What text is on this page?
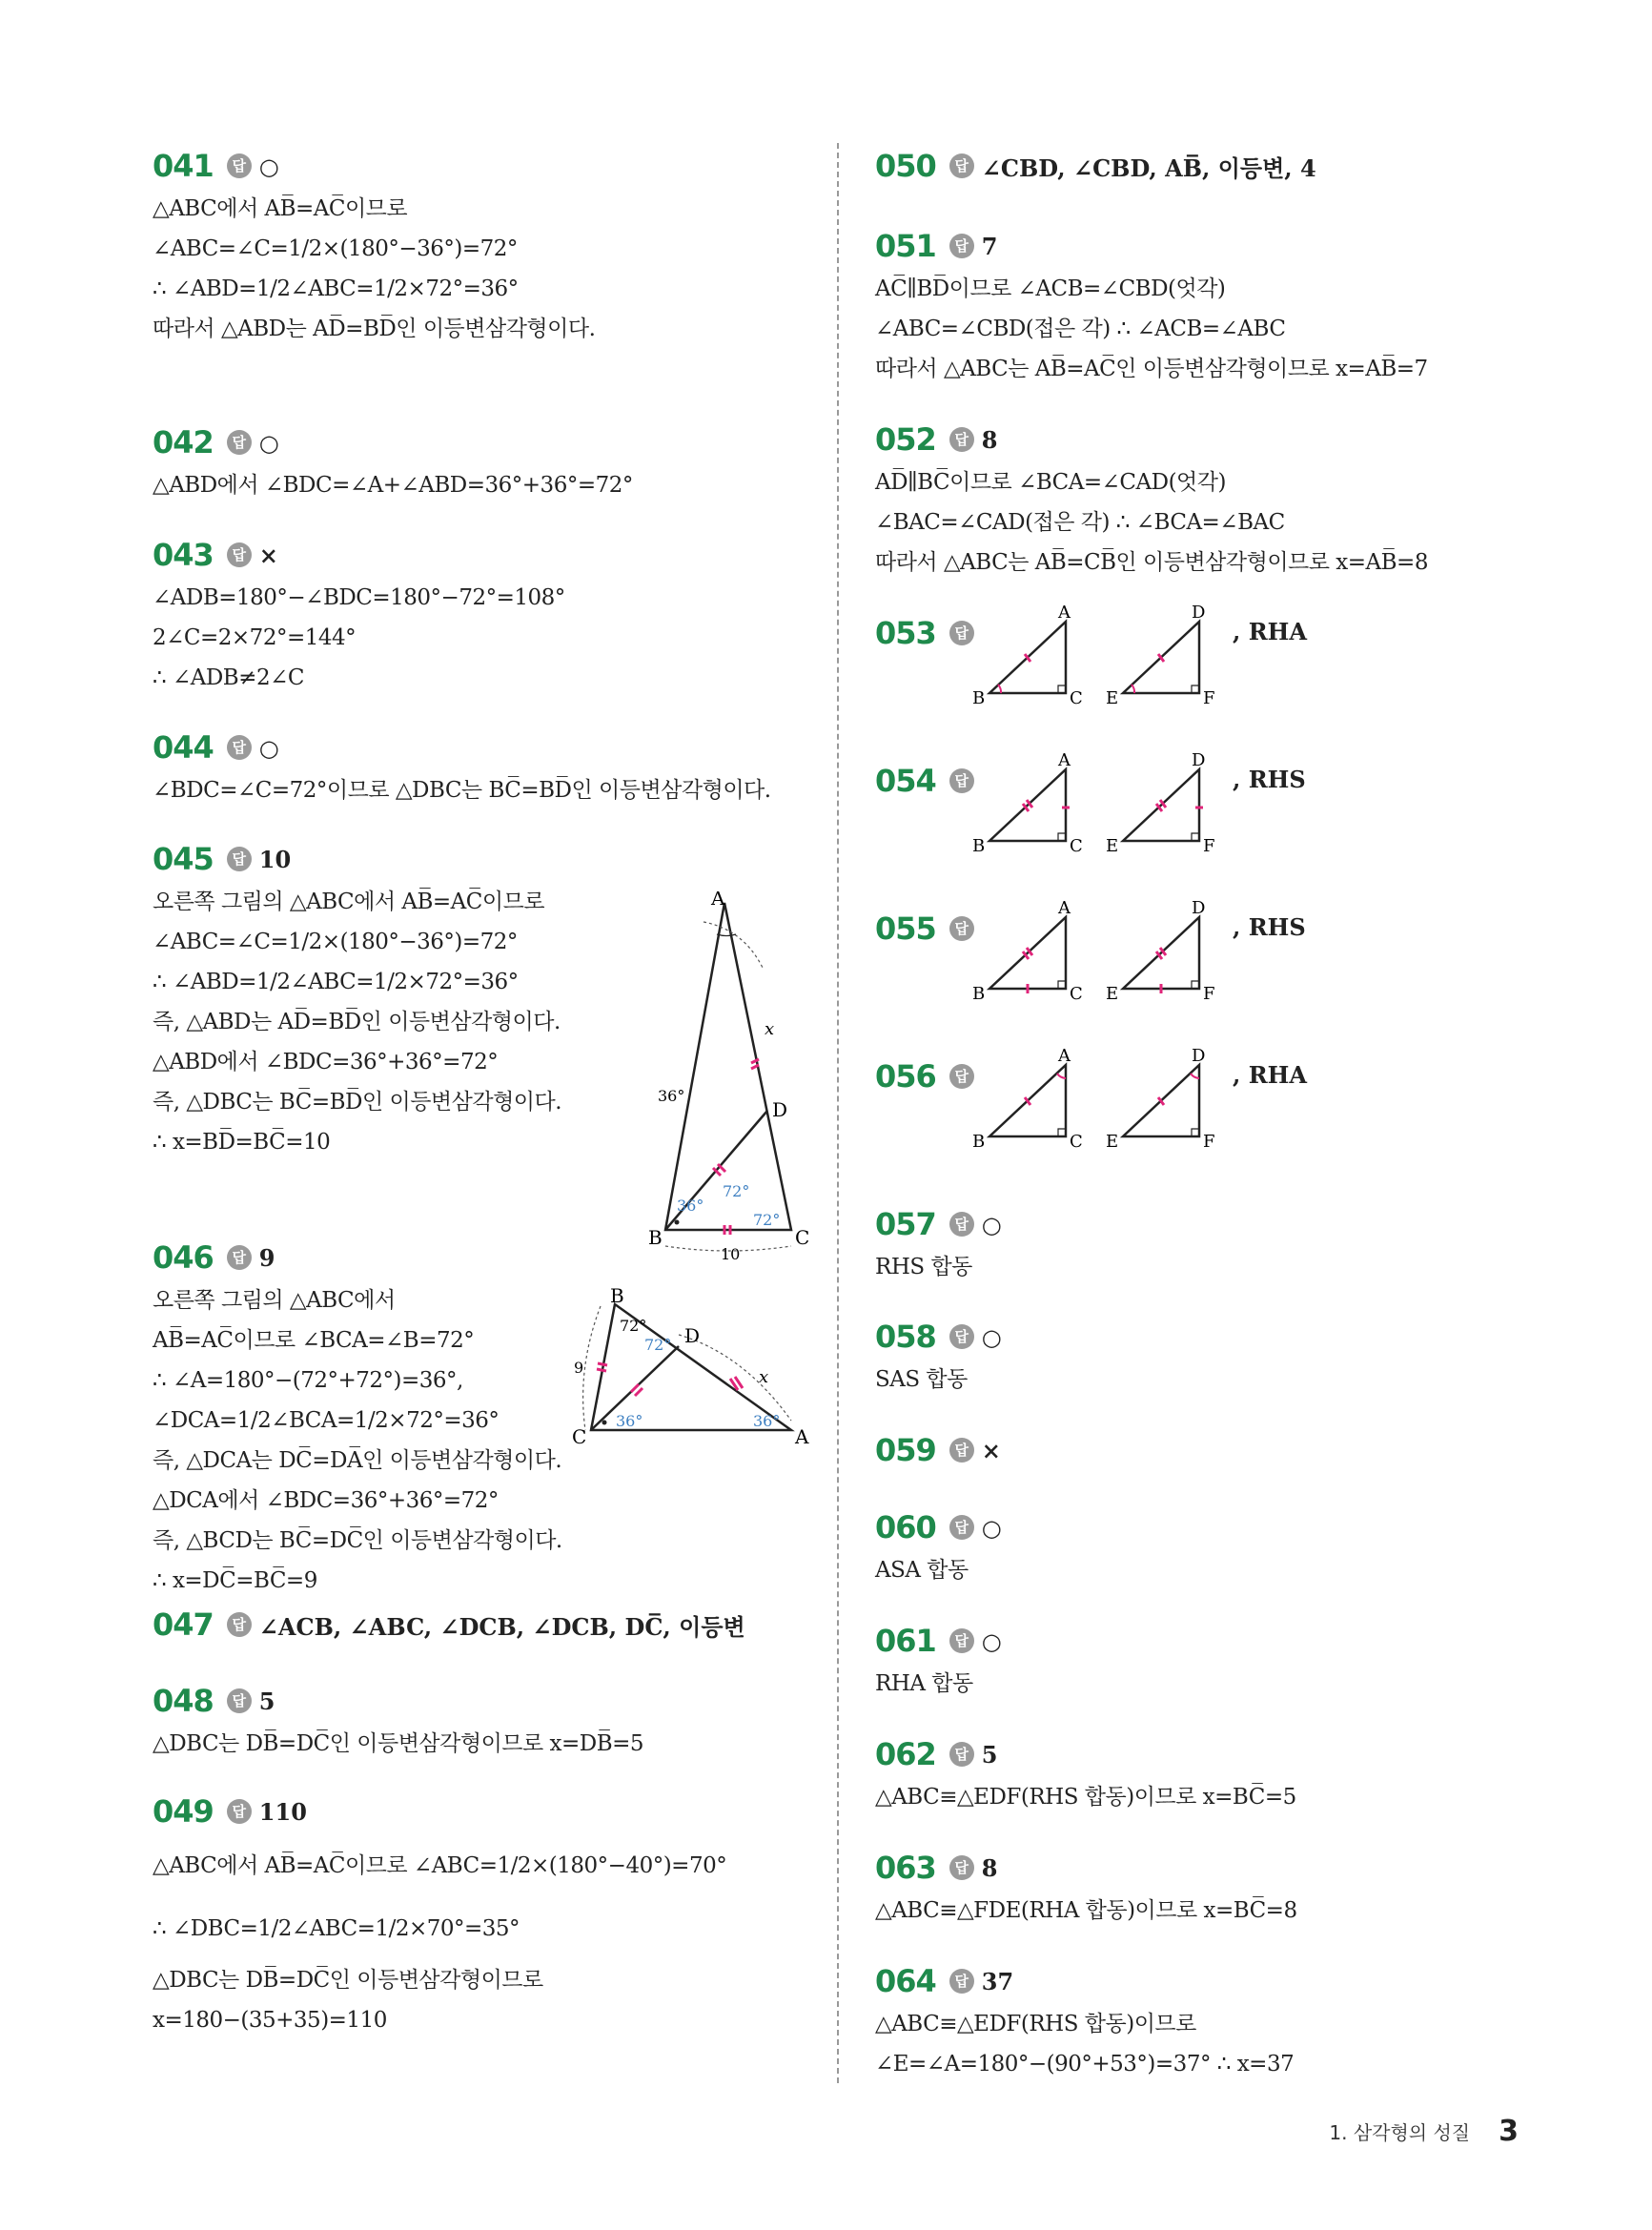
041	답 ○
△ABC에서 AB̅=AC̅이므로
∠ABC=∠C=1/2×(180°−36°)=72°
∴ ∠ABD=1/2∠ABC=1/2×72°=36°
따라서 △ABD는 AD̅=BD̅인 이등변삼각형이다.
042	답 ○
△ABD에서 ∠BDC=∠A+∠ABD=36°+36°=72°
043	답 ×
∠ADB=180°−∠BDC=180°−72°=108°
2∠C=2×72°=144°
∴ ∠ADB≠2∠C
044	답 ○
∠BDC=∠C=72°이므로 △DBC는 BC̅=BD̅인 이등변삼각형이다.
045	답 10
오른쪽 그림의 △ABC에서 AB̅=AC̅이므로
∠ABC=∠C=1/2×(180°−36°)=72°
∴ ∠ABD=1/2∠ABC=1/2×72°=36°
즉, △ABD는 AD̅=BD̅인 이등변삼각형이다.
△ABD에서 ∠BDC=36°+36°=72°
즉, △DBC는 BC̅=BD̅인 이등변삼각형이다.
∴ x=BD̅=BC̅=10
A
B	C
D
x
36°
36°
72°
72°
10
046	답 9
오른쪽 그림의 △ABC에서
AB̅=AC̅이므로 ∠BCA=∠B=72°
∴ ∠A=180°−(72°+72°)=36°,
∠DCA=1/2∠BCA=1/2×72°=36°
즉, △DCA는 DC̅=DA̅인 이등변삼각형이다.
△DCA에서 ∠BDC=36°+36°=72°
즉, △BCD는 BC̅=DC̅인 이등변삼각형이다.
∴ x=DC̅=BC̅=9
B
C	A
D
x
9
72°
72°
36°	36°
047	답 ∠ACB, ∠ABC, ∠DCB, ∠DCB, DC̅, 이등변
048	답 5
△DBC는 DB̅=DC̅인 이등변삼각형이므로 x=DB̅=5
049	답 110
△ABC에서 AB̅=AC̅이므로 ∠ABC=1/2×(180°−40°)=70°
∴ ∠DBC=1/2∠ABC=1/2×70°=35°
△DBC는 DB̅=DC̅인 이등변삼각형이므로
x=180−(35+35)=110
050	답 ∠CBD, ∠CBD, AB̅, 이등변, 4
051	답 7
AC̅∥BD̅이므로 ∠ACB=∠CBD(엇각)
∠ABC=∠CBD(접은 각) ∴ ∠ACB=∠ABC
따라서 △ABC는 AB̅=AC̅인 이등변삼각형이므로 x=AB̅=7
052	답 8
AD̅∥BC̅이므로 ∠BCA=∠CAD(엇각)
∠BAC=∠CAD(접은 각) ∴ ∠BCA=∠BAC
따라서 △ABC는 AB̅=CB̅인 이등변삼각형이므로 x=AB̅=8
053	답
A
B	C
D
E	F
, RHA
054	답
A
B	C
D
E	F
, RHS
055	답
A
B	C
D
E	F
, RHS
056	답
A
B	C
D
E	F
, RHA
057	답 ○
RHS 합동
058	답 ○
SAS 합동
059	답 ×
060	답 ○
ASA 합동
061	답 ○
RHA 합동
062	답 5
△ABC≡△EDF(RHS 합동)이므로 x=BC̅=5
063	답 8
△ABC≡△FDE(RHA 합동)이므로 x=BC̅=8
064	답 37
△ABC≡△EDF(RHS 합동)이므로
∠E=∠A=180°−(90°+53°)=37° ∴ x=37
1. 삼각형의 성질 3
